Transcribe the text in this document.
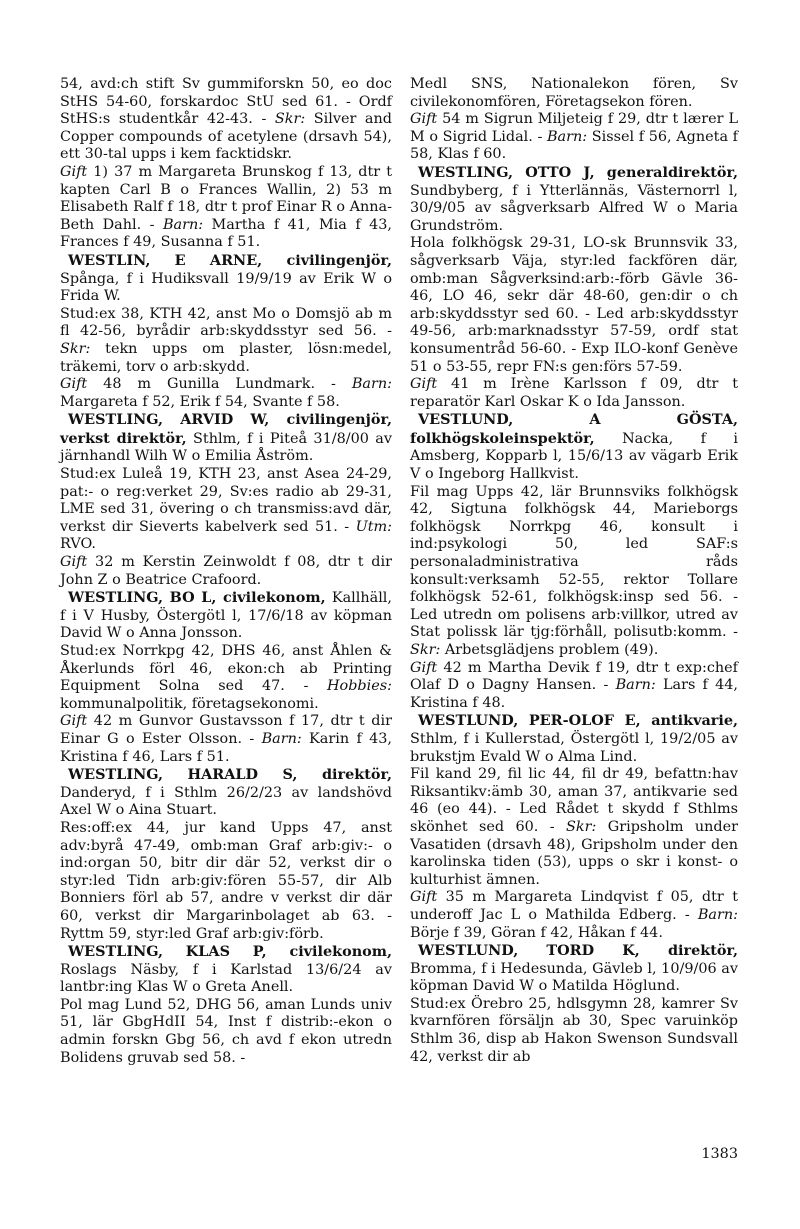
54, avd:ch stift Sv gummiforskn 50, eo doc StHS 54-60, forskardoc StU sed 61. - Ordf StHS:s studentkår 42-43. - Skr: Silver and Copper compounds of acetylene (drsavh 54), ett 30-tal upps i kem facktidskr.

Gift 1) 37 m Margareta Brunskog f 13, dtr t kapten Carl B o Frances Wallin, 2) 53 m Elisabeth Ralf f 18, dtr t prof Einar R o Anna-Beth Dahl. - Barn: Martha f 41, Mia f 43, Frances f 49, Susanna f 51.

WESTLIN, E ARNE, civilingenjör, Spånga, f i Hudiksvall 19/9/19 av Erik W o Frida W.

Stud:ex 38, KTH 42, anst Mo o Domsjö ab m fl 42-56, byrådir arb:skyddsstyr sed 56. - Skr: tekn upps om plaster, lösn:medel, träkemi, torv o arb:skydd.

Gift 48 m Gunilla Lundmark. - Barn: Margareta f 52, Erik f 54, Svante f 58.

WESTLING, ARVID W, civilingenjör, verkst direktör, Sthlm, f i Piteå 31/8/00 av järnhandl Wilh W o Emilia Åström.

Stud:ex Luleå 19, KTH 23, anst Asea 24-29, pat:- o reg:verket 29, Sv:es radio ab 29-31, LME sed 31, övering o ch transmiss:avd där, verkst dir Sieverts kabelverk sed 51. - Utm: RVO.

Gift 32 m Kerstin Zeinwoldt f 08, dtr t dir John Z o Beatrice Crafoord.

WESTLING, BO L, civilekonom, Kallhäll, f i V Husby, Östergötl l, 17/6/18 av köpman David W o Anna Jonsson.

Stud:ex Norrkpg 42, DHS 46, anst Åhlen & Åkerlunds förl 46, ekon:ch ab Printing Equipment Solna sed 47. - Hobbies: kommunalpolitik, företagsekonomi.

Gift 42 m Gunvor Gustavsson f 17, dtr t dir Einar G o Ester Olsson. - Barn: Karin f 43, Kristina f 46, Lars f 51.

WESTLING, HARALD S, direktör, Danderyd, f i Sthlm 26/2/23 av landshövd Axel W o Aina Stuart.

Res:off:ex 44, jur kand Upps 47, anst adv:byrå 47-49, omb:man Graf arb:giv:- o ind:organ 50, bitr dir där 52, verkst dir o styr:led Tidn arb:giv:fören 55-57, dir Alb Bonniers förl ab 57, andre v verkst dir där 60, verkst dir Margarinbolaget ab 63. - Ryttm 59, styr:led Graf arb:giv:förb.

WESTLING, KLAS P, civilekonom, Roslags Näsby, f i Karlstad 13/6/24 av lantbr:ing Klas W o Greta Anell.

Pol mag Lund 52, DHG 56, aman Lunds univ 51, lär GbgHdII 54, Inst f distrib:-ekon o admin forskn Gbg 56, ch avd f ekon utredn Bolidens gruvab sed 58. -

Medl SNS, Nationalekon fören, Sv civilekonomfören, Företagsekon fören.

Gift 54 m Sigrun Miljeteig f 29, dtr t lærer L M o Sigrid Lidal. - Barn: Sissel f 56, Agneta f 58, Klas f 60.

WESTLING, OTTO J, generaldirektör, Sundbyberg, f i Ytterlännäs, Västernorrl l, 30/9/05 av sågverksarb Alfred W o Maria Grundström.

Hola folkhögsk 29-31, LO-sk Brunnsvik 33, sågverksarb Väja, styr:led fackfören där, omb:man Sågverksind:arb:-förb Gävle 36-46, LO 46, sekr där 48-60, gen:dir o ch arb:skyddsstyr sed 60. - Led arb:skyddsstyr 49-56, arb:marknadsstyr 57-59, ordf stat konsumentråd 56-60. - Exp ILO-konf Genève 51 o 53-55, repr FN:s gen:förs 57-59.

Gift 41 m Irène Karlsson f 09, dtr t reparatör Karl Oskar K o Ida Jansson.

VESTLUND, A GÖSTA, folkhögskoleinspektör, Nacka, f i Amsberg, Kopparb l, 15/6/13 av vägarb Erik V o Ingeborg Hallkvist.

Fil mag Upps 42, lär Brunnsviks folkhögsk 42, Sigtuna folkhögsk 44, Marieborgs folkhögsk Norrkpg 46, konsult i ind:psykologi 50, led SAF:s personaladministrativa råds konsult:verksamh 52-55, rektor Tollare folkhögsk 52-61, folkhögsk:insp sed 56. - Led utredn om polisens arb:villkor, utred av Stat polissk lär tjg:förhåll, polisutb:komm. - Skr: Arbetsglädjens problem (49).

Gift 42 m Martha Devik f 19, dtr t exp:chef Olaf D o Dagny Hansen. - Barn: Lars f 44, Kristina f 48.

WESTLUND, PER-OLOF E, antikvarie, Sthlm, f i Kullerstad, Östergötl l, 19/2/05 av brukstjm Evald W o Alma Lind.

Fil kand 29, fil lic 44, fil dr 49, befattn:hav Riksantikv:ämb 30, aman 37, antikvarie sed 46 (eo 44). - Led Rådet t skydd f Sthlms skönhet sed 60. - Skr: Gripsholm under Vasatiden (drsavh 48), Gripsholm under den karolinska tiden (53), upps o skr i konst- o kulturhist ämnen.

Gift 35 m Margareta Lindqvist f 05, dtr t underoff Jac L o Mathilda Edberg. - Barn: Börje f 39, Göran f 42, Håkan f 44.

WESTLUND, TORD K, direktör, Bromma, f i Hedesunda, Gävleb l, 10/9/06 av köpman David W o Matilda Höglund.

Stud:ex Örebro 25, hdlsgymn 28, kamrer Sv kvarnfören försäljn ab 30, Spec varuinköp Sthlm 36, disp ab Hakon Swenson Sundsvall 42, verkst dir ab

1383
